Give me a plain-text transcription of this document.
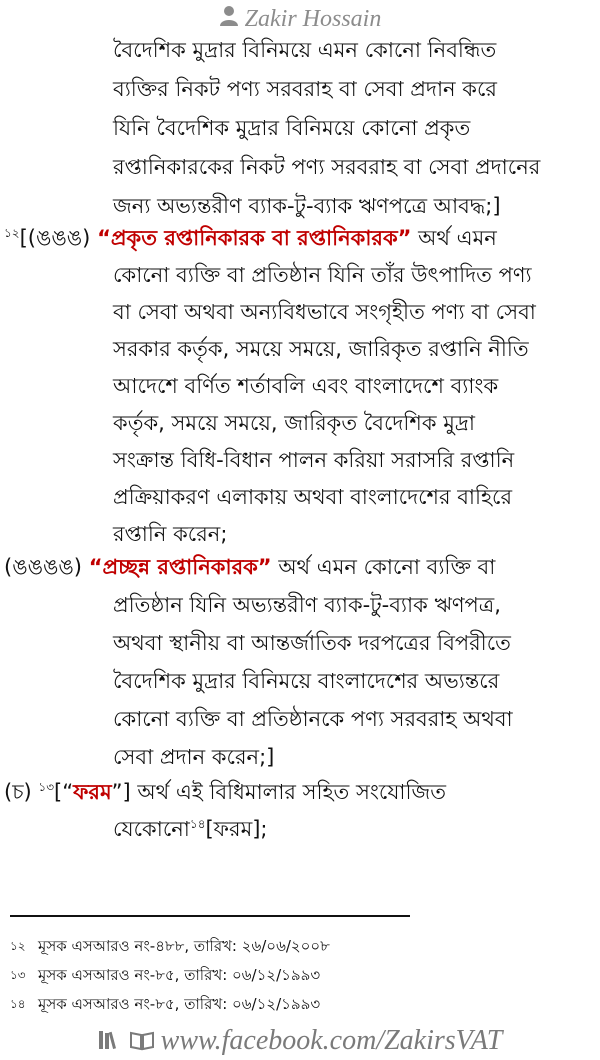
Zakir Hossain
বৈদেশিক মুদ্রার বিনিময়ে এমন কোনো নিবন্ধিত
ব্যক্তির নিকট পণ্য সরবরাহ বা সেবা প্রদান করে
যিনি বৈদেশিক মুদ্রার বিনিময়ে কোনো প্রকৃত
রপ্তানিকারকের নিকট পণ্য সরবরাহ বা সেবা প্রদানের
জন্য অভ্যন্তরীণ ব্যাক-টু-ব্যাক ঋণপত্রে আবদ্ধ;]
$^{১২}$[(ঙঙঙ) “প্রকৃত রপ্তানিকারক বা রপ্তানিকারক” অর্থ এমন
কোনো ব্যক্তি বা প্রতিষ্ঠান যিনি তাঁর উৎপাদিত পণ্য
বা সেবা অথবা অন্যবিধভাবে সংগৃহীত পণ্য বা সেবা
সরকার কর্তৃক, সময়ে সময়ে, জারিকৃত রপ্তানি নীতি
আদেশে বর্ণিত শর্তাবলি এবং বাংলাদেশে ব্যাংক
কর্তৃক, সময়ে সময়ে, জারিকৃত বৈদেশিক মুদ্রা
সংক্রান্ত বিধি-বিধান পালন করিয়া সরাসরি রপ্তানি
প্রক্রিয়াকরণ এলাকায় অথবা বাংলাদেশের বাহিরে
রপ্তানি করেন;
(ঙঙঙঙ) “প্রচ্ছন্ন রপ্তানিকারক” অর্থ এমন কোনো ব্যক্তি বা
প্রতিষ্ঠান যিনি অভ্যন্তরীণ ব্যাক-টু-ব্যাক ঋণপত্র,
অথবা স্থানীয় বা আন্তর্জাতিক দরপত্রের বিপরীতে
বৈদেশিক মুদ্রার বিনিময়ে বাংলাদেশের অভ্যন্তরে
কোনো ব্যক্তি বা প্রতিষ্ঠানকে পণ্য সরবরাহ অথবা
সেবা প্রদান করেন;]
(চ) $^{১৩}$[“ফরম”] অর্থ এই বিধিমালার সহিত সংযোজিত
যেকোনো$^{১৪}$[ফরম];
১২ মূসক এসআরও নং-৪৮৮, তারিখ: ২৬/০৬/২০০৮
১৩ মূসক এসআরও নং-৮৫, তারিখ: ০৬/১২/১৯৯৩
১৪ মূসক এসআরও নং-৮৫, তারিখ: ০৬/১২/১৯৯৩
www.facebook.com/ZakirsVAT
